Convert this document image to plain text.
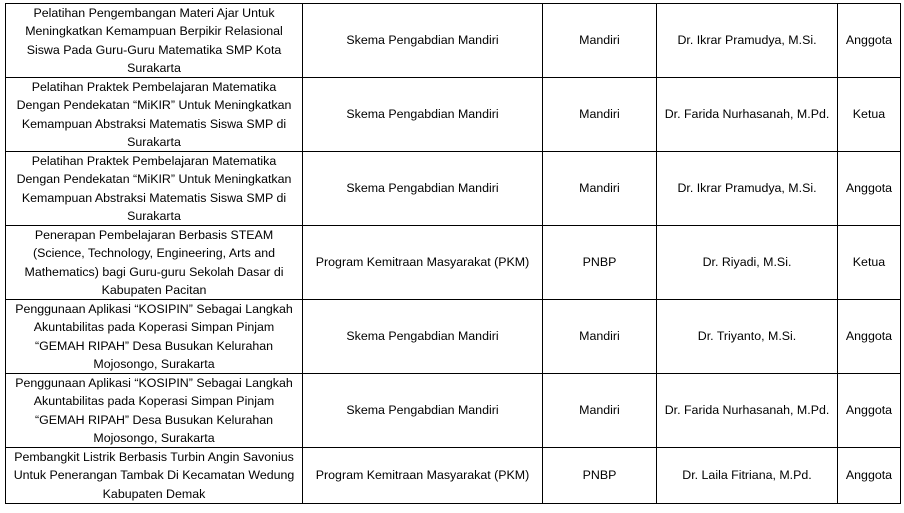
Pelatihan Pengembangan Materi Ajar Untuk Meningkatkan Kemampuan Berpikir Relasional Siswa Pada Guru-Guru Matematika SMP Kota Surakarta	Skema Pengabdian Mandiri	Mandiri	Dr. Ikrar Pramudya, M.Si.	Anggota
Pelatihan Praktek Pembelajaran Matematika Dengan Pendekatan “MiKIR” Untuk Meningkatkan Kemampuan Abstraksi Matematis Siswa SMP di Surakarta	Skema Pengabdian Mandiri	Mandiri	Dr. Farida Nurhasanah, M.Pd.	Ketua
Pelatihan Praktek Pembelajaran Matematika Dengan Pendekatan “MiKIR” Untuk Meningkatkan Kemampuan Abstraksi Matematis Siswa SMP di Surakarta	Skema Pengabdian Mandiri	Mandiri	Dr. Ikrar Pramudya, M.Si.	Anggota
Penerapan Pembelajaran Berbasis STEAM (Science, Technology, Engineering, Arts and Mathematics) bagi Guru-guru Sekolah Dasar di Kabupaten Pacitan	Program Kemitraan Masyarakat (PKM)	PNBP	Dr. Riyadi, M.Si.	Ketua
Penggunaan Aplikasi “KOSIPIN” Sebagai Langkah Akuntabilitas pada Koperasi Simpan Pinjam “GEMAH RIPAH” Desa Busukan Kelurahan Mojosongo, Surakarta	Skema Pengabdian Mandiri	Mandiri	Dr. Triyanto, M.Si.	Anggota
Penggunaan Aplikasi “KOSIPIN” Sebagai Langkah Akuntabilitas pada Koperasi Simpan Pinjam “GEMAH RIPAH” Desa Busukan Kelurahan Mojosongo, Surakarta	Skema Pengabdian Mandiri	Mandiri	Dr. Farida Nurhasanah, M.Pd.	Anggota
Pembangkit Listrik Berbasis Turbin Angin Savonius Untuk Penerangan Tambak Di Kecamatan Wedung Kabupaten Demak	Program Kemitraan Masyarakat (PKM)	PNBP	Dr. Laila Fitriana, M.Pd.	Anggota
